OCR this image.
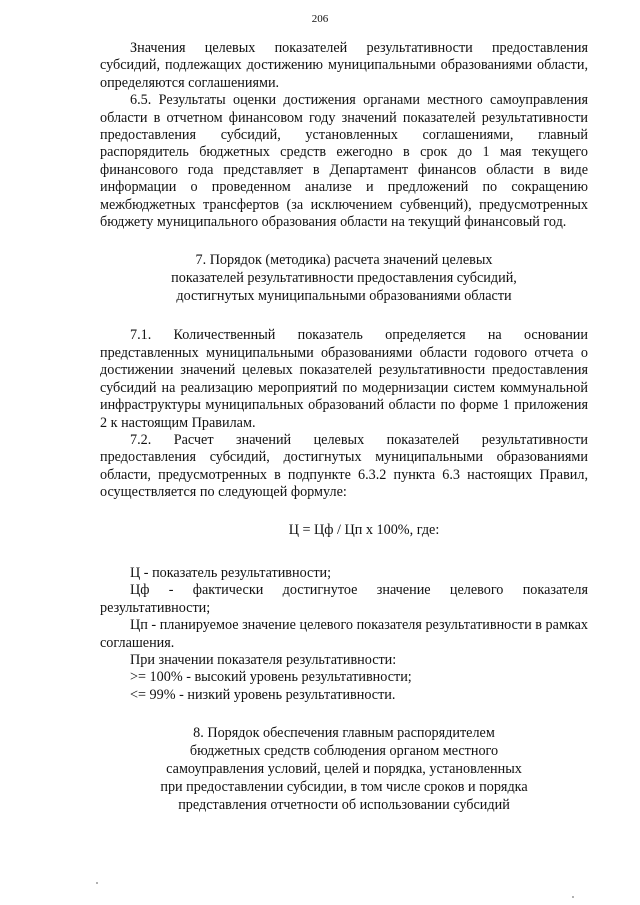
206

Значения целевых показателей результативности предоставления субсидий, подлежащих достижению муниципальными образованиями области, определяются соглашениями.

6.5. Результаты оценки достижения органами местного самоуправления области в отчетном финансовом году значений показателей результативности предоставления субсидий, установленных соглашениями, главный распорядитель бюджетных средств ежегодно в срок до 1 мая текущего финансового года представляет в Департамент финансов области в виде информации о проведенном анализе и предложений по сокращению межбюджетных трансфертов (за исключением субвенций), предусмотренных бюджету муниципального образования области на текущий финансовый год.

7. Порядок (методика) расчета значений целевых
показателей результативности предоставления субсидий,
достигнутых муниципальными образованиями области

7.1. Количественный показатель определяется на основании представленных муниципальными образованиями области годового отчета о достижении значений целевых показателей результативности предоставления субсидий на реализацию мероприятий по модернизации систем коммунальной инфраструктуры муниципальных образований области по форме 1 приложения 2 к настоящим Правилам.

7.2. Расчет значений целевых показателей результативности предоставления субсидий, достигнутых муниципальными образованиями области, предусмотренных в подпункте 6.3.2 пункта 6.3 настоящих Правил, осуществляется по следующей формуле:

Ц = Цф / Цп x 100%, где:

Ц - показатель результативности;

Цф - фактически достигнутое значение целевого показателя результативности;

Цп - планируемое значение целевого показателя результативности в рамках соглашения.

При значении показателя результативности:

>= 100% - высокий уровень результативности;

<= 99% - низкий уровень результативности.

8. Порядок обеспечения главным распорядителем
бюджетных средств соблюдения органом местного
самоуправления условий, целей и порядка, установленных
при предоставлении субсидии, в том числе сроков и порядка
представления отчетности об использовании субсидий
